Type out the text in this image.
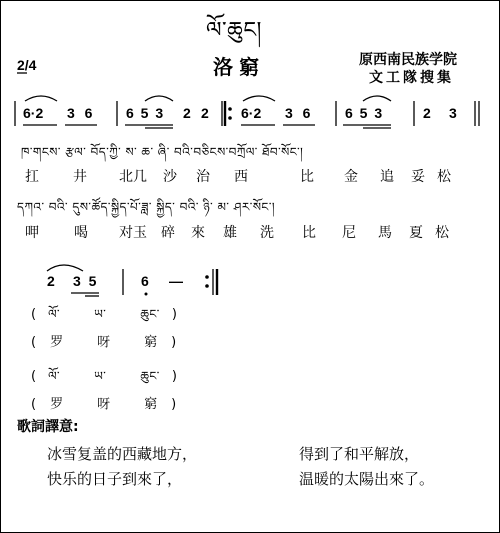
ལོ་ཆུང།
2/4	洛窮	原西南民族学院
文工隊搜集
6·2 3 6 6 5 3 2 2 6·2 3 6 6 5 3	2 3
ཁ་གངས་ རྩལ་ བོད་ཀྱི་ ས་ ཆ་ ཞི་ བའི་བཅིངས་བཀྲོལ་ ཐོབ་སོང་།
扛	井	北几	沙	治	西	比	金	追	妥 松
དཀའ་ བའི་ དུས་ཚོད་སྐྱིད་པོ་ཟླ་ སྐྱིད་ བའི་ ཉི་ མ་ ཤར་སོང་།
呷	喝	对玉	碎	來	雄	洗	比	尼	馬	夏 松
2 3 5	6 —
( ལོ་	ཡ་	ཆུང་ )
( 罗	呀	窮 )
( ལོ་	ཡ་	ཆུང་ )
( 罗	呀	窮 )
歌詞譯意:
冰雪复盖的西藏地方，	得到了和平解放，
快乐的日子到來了，	温暖的太陽出來了。
